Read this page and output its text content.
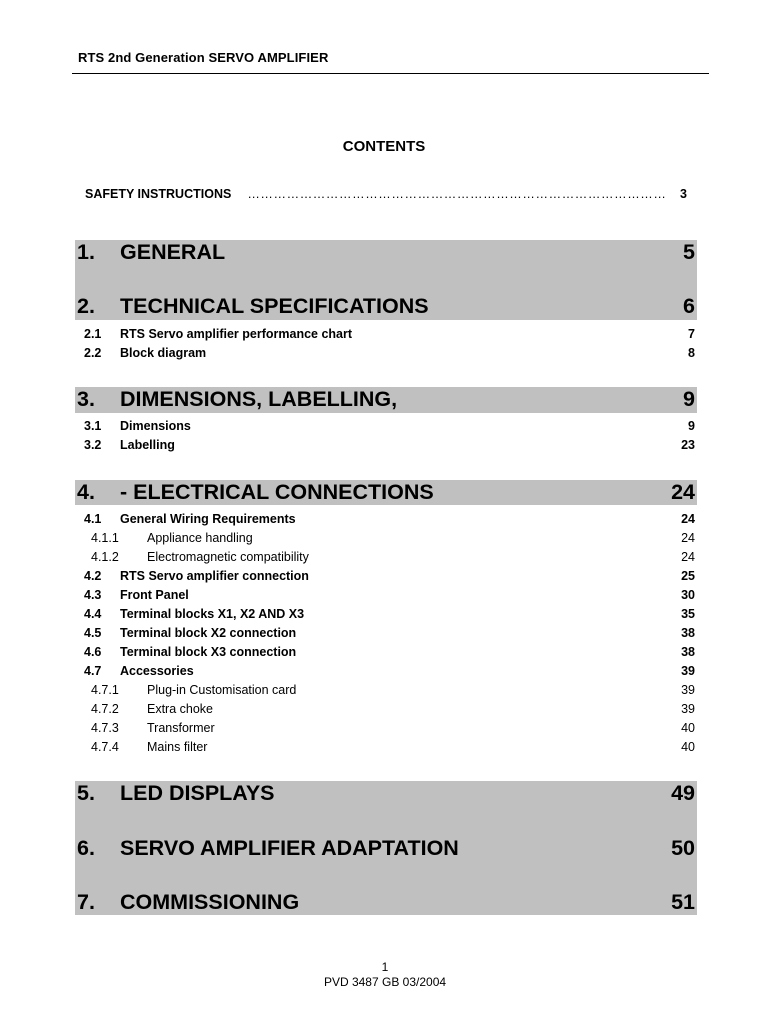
RTS 2nd Generation SERVO AMPLIFIER
CONTENTS
SAFETY INSTRUCTIONS ……………………………………………………………………………………	3
1. GENERAL	5
2. TECHNICAL SPECIFICATIONS	6
3. DIMENSIONS, LABELLING,	9
4. - ELECTRICAL CONNECTIONS	24
5. LED DISPLAYS	49
6. SERVO AMPLIFIER ADAPTATION	50
7. COMMISSIONING	51
2.1 RTS Servo amplifier performance chart	7
2.2 Block diagram	8
3.1 Dimensions	9
3.2 Labelling	23
4.1 General Wiring Requirements	24
4.1.1 Appliance handling	24
4.1.2 Electromagnetic compatibility	24
4.2 RTS Servo amplifier connection	25
4.3 Front Panel	30
4.4 Terminal blocks X1, X2 AND X3	35
4.5 Terminal block X2 connection	38
4.6 Terminal block X3 connection	38
4.7 Accessories	39
4.7.1 Plug-in Customisation card	39
4.7.2 Extra choke	39
4.7.3 Transformer	40
4.7.4 Mains filter	40
1
PVD 3487 GB 03/2004
